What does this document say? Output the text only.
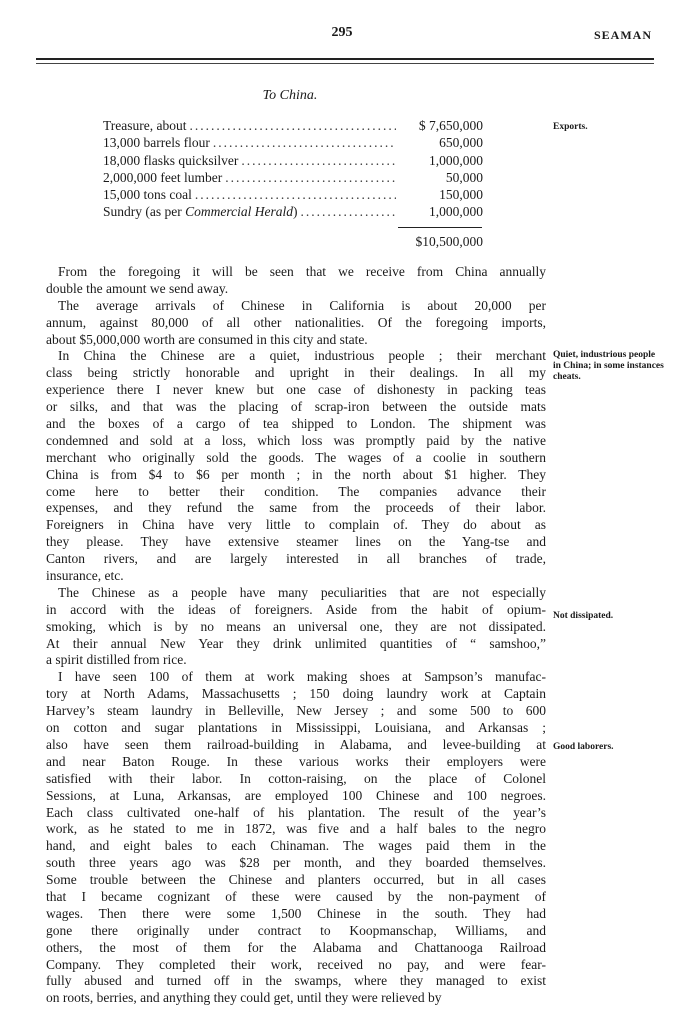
295	SEAMAN
To China.
Treasure, about .....	$ 7,650,000
13,000 barrels flour .....	650,000
18,000 flasks quicksilver .....	1,000,000
2,000,000 feet lumber .....	50,000
15,000 tons coal .....	150,000
Sundry (as per Commercial Herald) .....	1,000,000
$10,500,000
Exports.
Quiet, industrious people in China; in some instances cheats.
Not dissipated.
Good laborers.
From the foregoing it will be seen that we receive from China annually
double the amount we send away.
The average arrivals of Chinese in California is about 20,000 per
annum, against 80,000 of all other nationalities. Of the foregoing imports,
about $5,000,000 worth are consumed in this city and state.
In China the Chinese are a quiet, industrious people ; their merchant
class being strictly honorable and upright in their dealings. In all my
experience there I never knew but one case of dishonesty in packing teas
or silks, and that was the placing of scrap-iron between the outside mats
and the boxes of a cargo of tea shipped to London. The shipment was
condemned and sold at a loss, which loss was promptly paid by the native
merchant who originally sold the goods. The wages of a coolie in southern
China is from $4 to $6 per month ; in the north about $1 higher. They
come here to better their condition. The companies advance their
expenses, and they refund the same from the proceeds of their labor.
Foreigners in China have very little to complain of. They do about as
they please. They have extensive steamer lines on the Yang-tse and
Canton rivers, and are largely interested in all branches of trade,
insurance, etc.
The Chinese as a people have many peculiarities that are not especially
in accord with the ideas of foreigners. Aside from the habit of opium-
smoking, which is by no means an universal one, they are not dissipated.
At their annual New Year they drink unlimited quantities of “ samshoo,”
a spirit distilled from rice.
I have seen 100 of them at work making shoes at Sampson’s manufac-
tory at North Adams, Massachusetts ; 150 doing laundry work at Captain
Harvey’s steam laundry in Belleville, New Jersey ; and some 500 to 600
on cotton and sugar plantations in Mississippi, Louisiana, and Arkansas ;
also have seen them railroad-building in Alabama, and levee-building at
and near Baton Rouge. In these various works their employers were
satisfied with their labor. In cotton-raising, on the place of Colonel
Sessions, at Luna, Arkansas, are employed 100 Chinese and 100 negroes.
Each class cultivated one-half of his plantation. The result of the year’s
work, as he stated to me in 1872, was five and a half bales to the negro
hand, and eight bales to each Chinaman. The wages paid them in the
south three years ago was $28 per month, and they boarded themselves.
Some trouble between the Chinese and planters occurred, but in all cases
that I became cognizant of these were caused by the non-payment of
wages. Then there were some 1,500 Chinese in the south. They had
gone there originally under contract to Koopmanschap, Williams, and
others, the most of them for the Alabama and Chattanooga Railroad
Company. They completed their work, received no pay, and were fear-
fully abused and turned off in the swamps, where they managed to exist
on roots, berries, and anything they could get, until they were relieved by
